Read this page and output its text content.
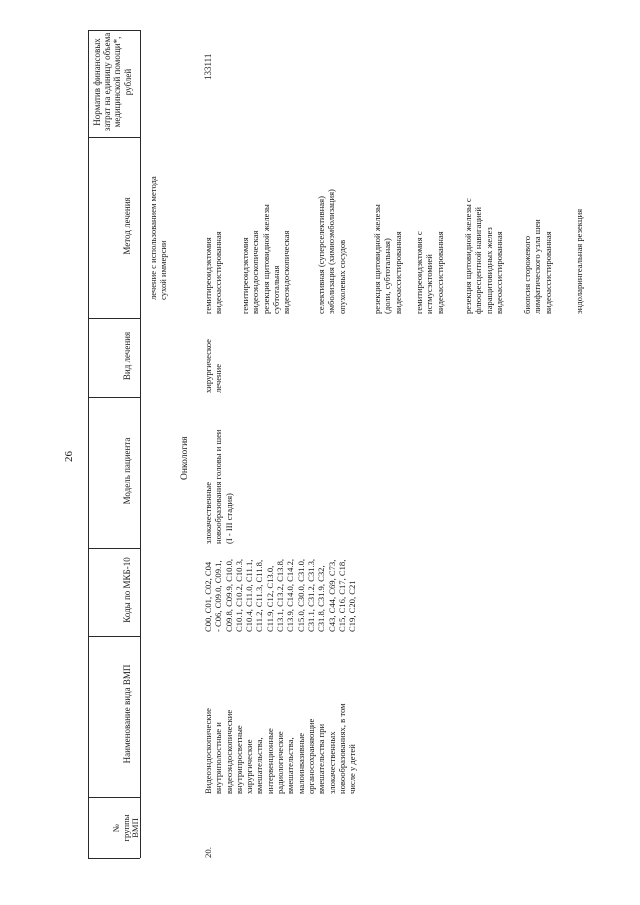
№ группы ВМП
Наименование вида ВМП
Коды по МКБ-10
Модель пациента
Вид лечения
Метод лечения
Норматив финансовых затрат на единицу объема медицинской помощи*, рублей
лечение с использованием метода сухой иммерсии
Онкология
20.
Видеоэндоскопические внутриполостные и видеоэндоскопические внутрипросветные хирургические вмешательства, интервенционные радиологические вмешательства, малоинвазивные органосохраняющие вмешательства при злокачественных новообразованиях, в том числе у детей
C00, C01, C02, C04 - C06, C09.0, C09.1, C09.8, C09.9, C10.0, C10.1, C10.2, C10.3, C10.4, C11.0, C11.1, C11.2, C11.3, C11.8, C11.9, C12, C13.0, C13.1, C13.2, C13.8, C13.9, C14.0, C14.2, C15.0, C30.0, C31.0, C31.1, C31.2, C31.3, C31.8, C31.9, C32, C43, C44, C69, C73, C15, C16, C17, C18, C19, C20, C21
злокачественные новообразования головы и шеи (I - III стадия)
хирургическое лечение
гемитиреоидэктомия видеоассистированная гемитиреоидэктомия видеоэндоскопическая резекция щитовидной железы субтотальная видеоэндоскопическая	селективная (суперселективная) эмболизация (химиоэмболизация) опухолевых сосудов	резекция щитовидной железы (доли, субтотальная) видеоассистированная гемитиреоидэктомия с истмусэктомией видеоассистированная резекция щитовидной железы с флюоресцентной навигацией паращитовидных желез видеоассистированная биопсия сторожевого лимфатического узла шеи видеоассистированная эндоларингеальная резекция
133111
26
